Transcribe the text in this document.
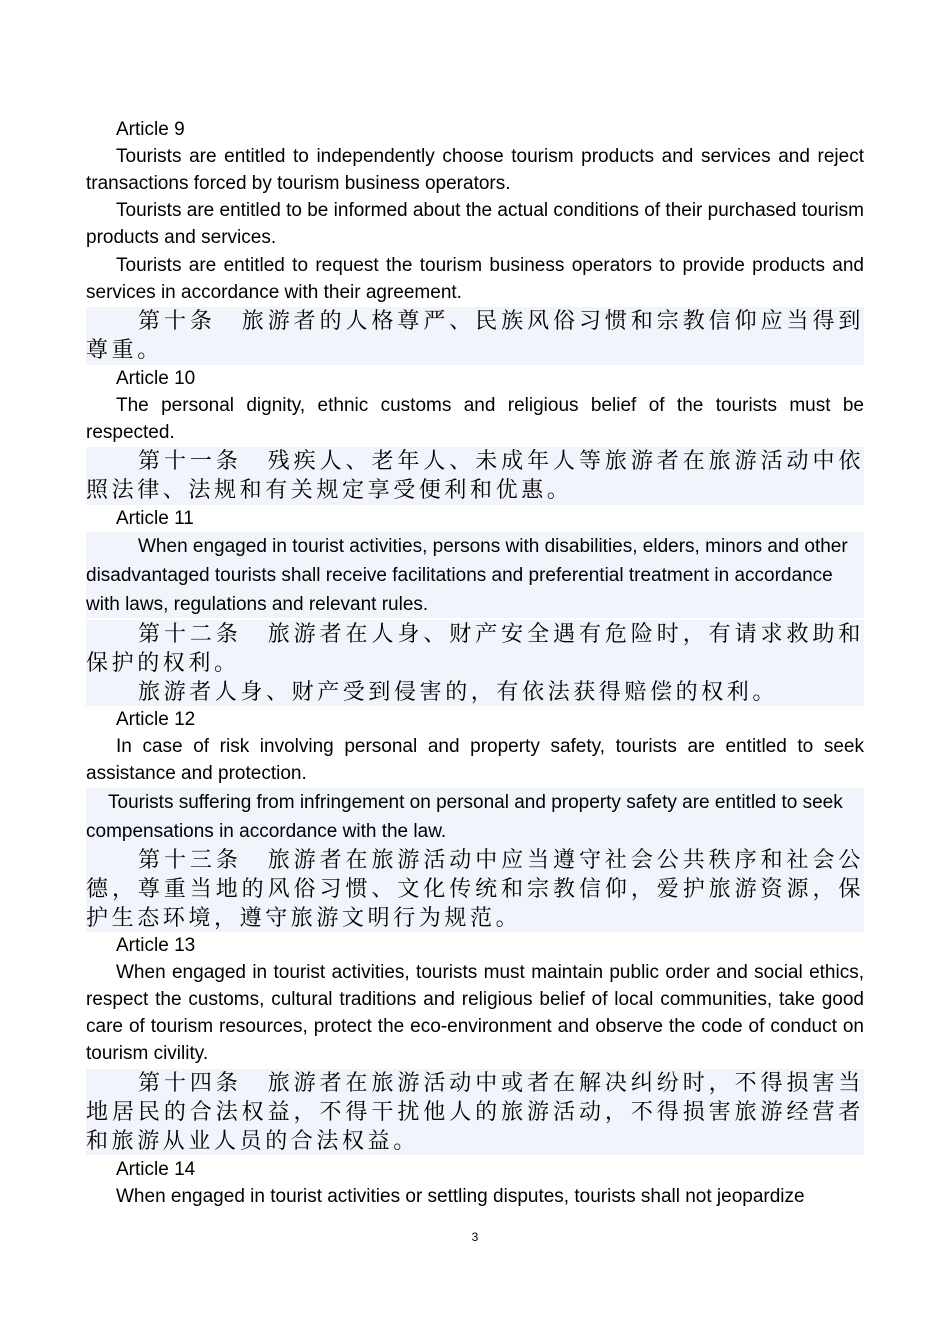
Article 9
Tourists are entitled to independently choose tourism products and services and reject transactions forced by tourism business operators.
Tourists are entitled to be informed about the actual conditions of their purchased tourism products and services.
Tourists are entitled to request the tourism business operators to provide products and services in accordance with their agreement.
第十条　旅游者的人格尊严、民族风俗习惯和宗教信仰应当得到尊重。
Article 10
The personal dignity, ethnic customs and religious belief of the tourists must be respected.
第十一条　残疾人、老年人、未成年人等旅游者在旅游活动中依照法律、法规和有关规定享受便利和优惠。
Article 11
When engaged in tourist activities, persons with disabilities, elders, minors and other disadvantaged tourists shall receive facilitations and preferential treatment in accordance with laws, regulations and relevant rules.
第十二条　旅游者在人身、财产安全遇有危险时，有请求救助和保护的权利。
旅游者人身、财产受到侵害的，有依法获得赔偿的权利。
Article 12
In case of risk involving personal and property safety, tourists are entitled to seek assistance and protection.
Tourists suffering from infringement on personal and property safety are entitled to seek compensations in accordance with the law.
第十三条　旅游者在旅游活动中应当遵守社会公共秩序和社会公德，尊重当地的风俗习惯、文化传统和宗教信仰，爱护旅游资源，保护生态环境，遵守旅游文明行为规范。
Article 13
When engaged in tourist activities, tourists must maintain public order and social ethics, respect the customs, cultural traditions and religious belief of local communities, take good care of tourism resources, protect the eco-environment and observe the code of conduct on tourism civility.
第十四条　旅游者在旅游活动中或者在解决纠纷时，不得损害当地居民的合法权益，不得干扰他人的旅游活动，不得损害旅游经营者和旅游从业人员的合法权益。
Article 14
When engaged in tourist activities or settling disputes, tourists shall not jeopardize
3
